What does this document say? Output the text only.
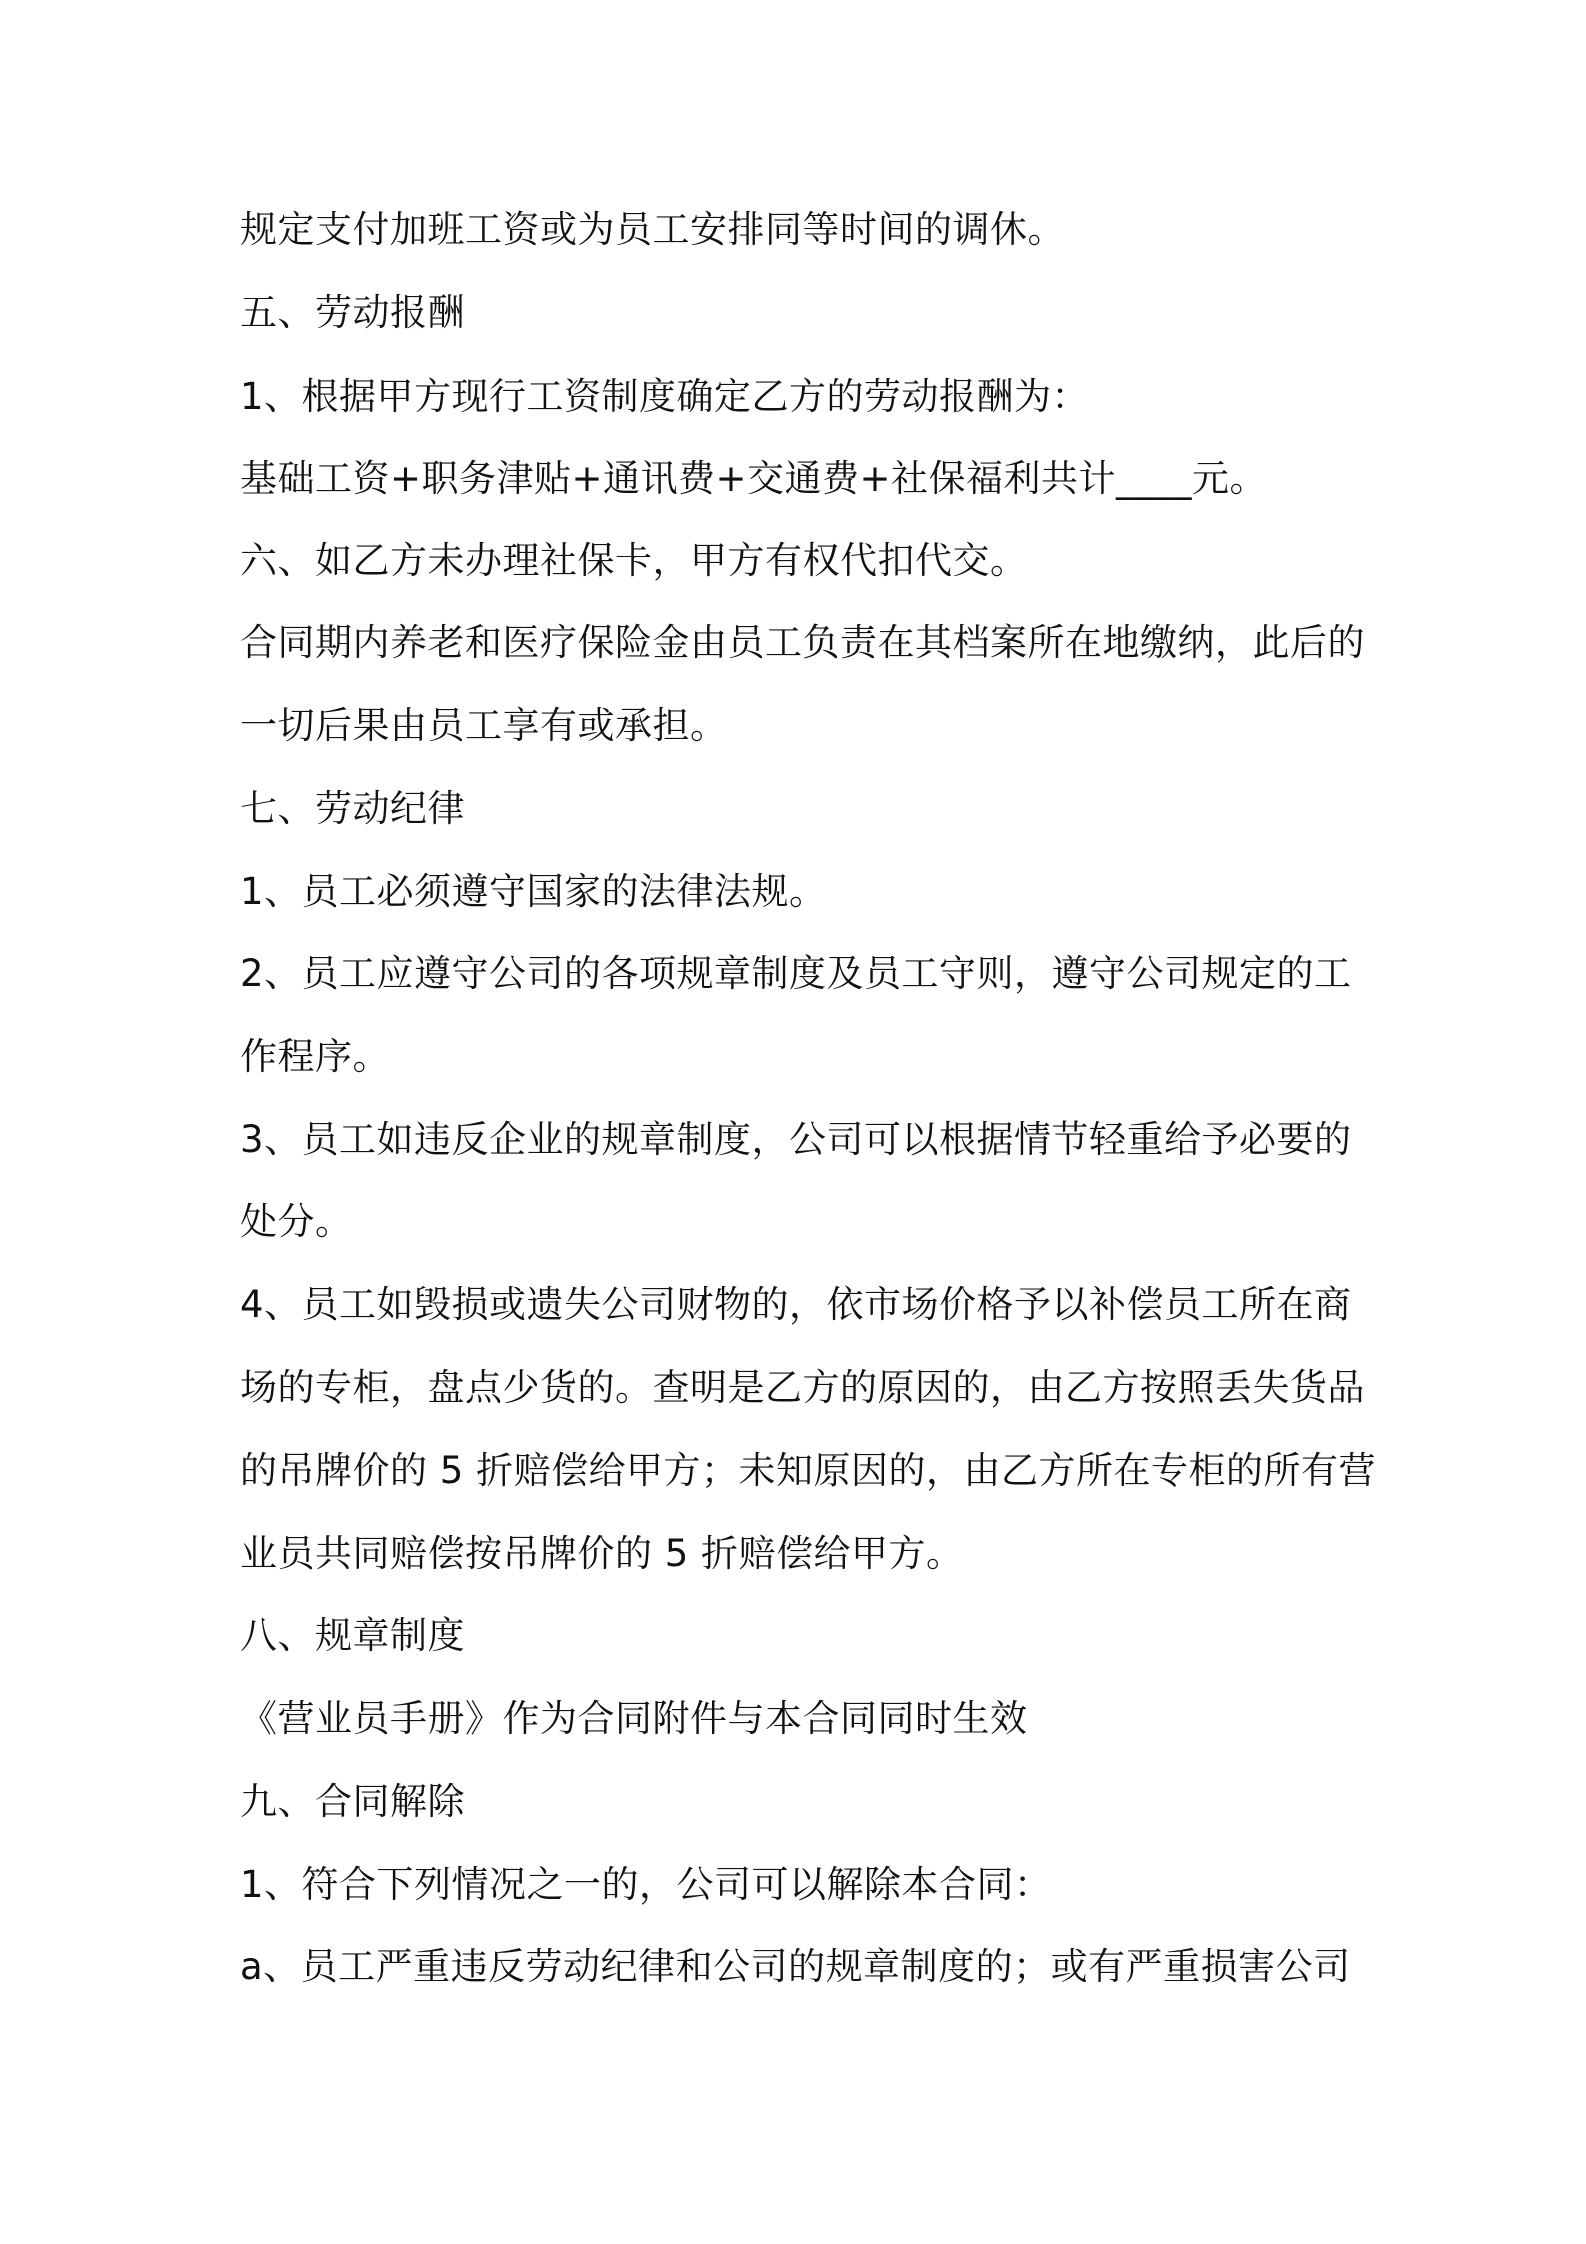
规定支付加班工资或为员工安排同等时间的调休。
五、劳动报酬
1、根据甲方现行工资制度确定乙方的劳动报酬为：
基础工资+职务津贴+通讯费+交通费+社保福利共计____元。
六、如乙方未办理社保卡，甲方有权代扣代交。
合同期内养老和医疗保险金由员工负责在其档案所在地缴纳，此后的
一切后果由员工享有或承担。
七、劳动纪律
1、员工必须遵守国家的法律法规。
2、员工应遵守公司的各项规章制度及员工守则，遵守公司规定的工
作程序。
3、员工如违反企业的规章制度，公司可以根据情节轻重给予必要的
处分。
4、员工如毁损或遗失公司财物的，依市场价格予以补偿员工所在商
场的专柜，盘点少货的。查明是乙方的原因的，由乙方按照丢失货品
的吊牌价的 5 折赔偿给甲方；未知原因的，由乙方所在专柜的所有营
业员共同赔偿按吊牌价的 5 折赔偿给甲方。
八、规章制度
《营业员手册》作为合同附件与本合同同时生效
九、合同解除
1、符合下列情况之一的，公司可以解除本合同：
a、员工严重违反劳动纪律和公司的规章制度的；或有严重损害公司
